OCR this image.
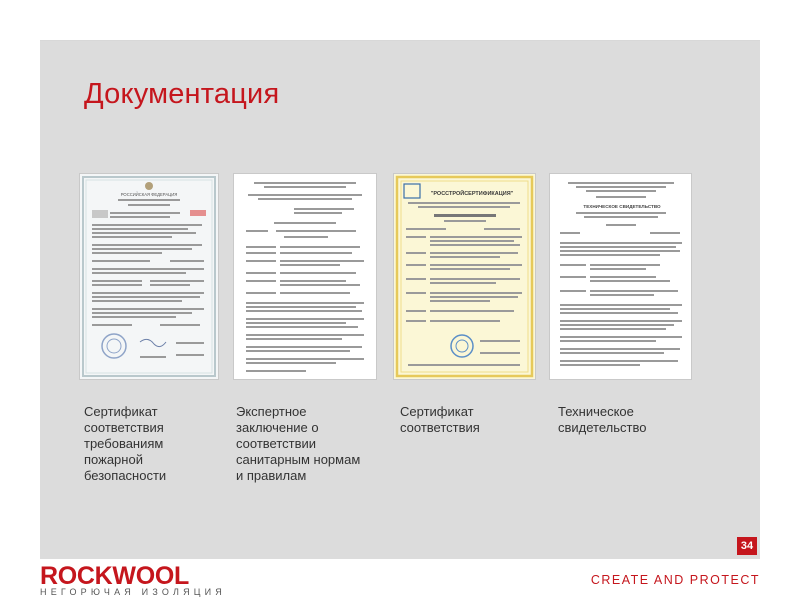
Документация
РОССИЙСКАЯ ФЕДЕРАЦИЯ	"РОССТРОЙСЕРТИФИКАЦИЯ"
ТЕХНИЧЕСКОЕ СВИДЕТЕЛЬСТВО
Сертификат соответствия требованиям пожарной безопасности
Экспертное заключение о соответствии санитарным нормам и правилам
Сертификат соответствия
Техническое свидетельство
34
ROCKWOOL
НЕГОРЮЧАЯ ИЗОЛЯЦИЯ
CREATE AND PROTECT
